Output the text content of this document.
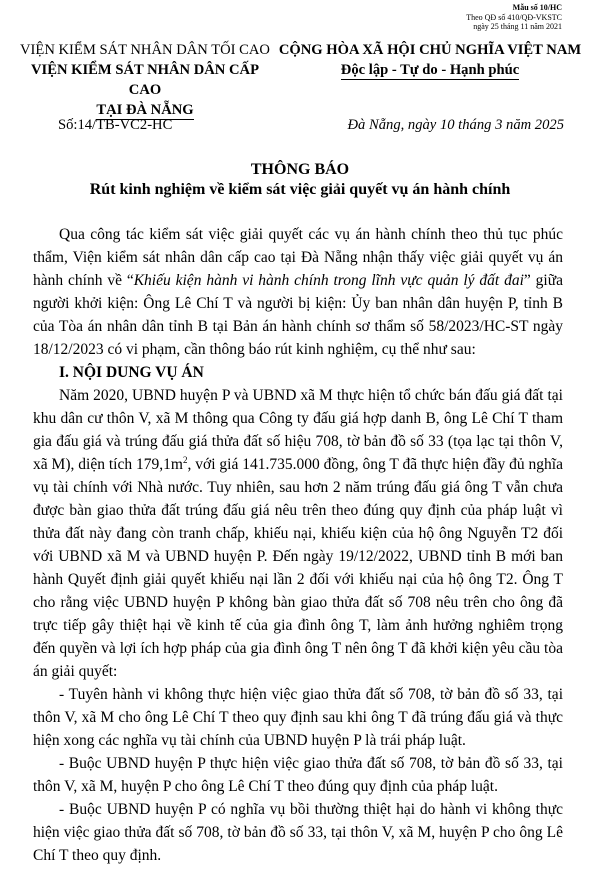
Mẫu số 10/HC
Theo QĐ số 410/QĐ-VKSTC
ngày 25 tháng 11 năm 2021
VIỆN KIỂM SÁT NHÂN DÂN TỐI CAO
VIỆN KIỂM SÁT NHÂN DÂN CẤP CAO
TẠI ĐÀ NẴNG
CỘNG HÒA XÃ HỘI CHỦ NGHĨA VIỆT NAM
Độc lập - Tự do - Hạnh phúc
Số:14/TB-VC2-HC	Đà Nẵng, ngày 10 tháng 3 năm 2025
THÔNG BÁO
Rút kinh nghiệm về kiểm sát việc giải quyết vụ án hành chính

Qua công tác kiểm sát việc giải quyết các vụ án hành chính theo thủ tục phúc thẩm, Viện kiểm sát nhân dân cấp cao tại Đà Nẵng nhận thấy việc giải quyết vụ án hành chính về “Khiếu kiện hành vi hành chính trong lĩnh vực quản lý đất đai” giữa người khởi kiện: Ông Lê Chí T và người bị kiện: Ủy ban nhân dân huyện P, tỉnh B của Tòa án nhân dân tỉnh B tại Bản án hành chính sơ thẩm số 58/2023/HC-ST ngày 18/12/2023 có vi phạm, cần thông báo rút kinh nghiệm, cụ thể như sau:

I. NỘI DUNG VỤ ÁN

Năm 2020, UBND huyện P và UBND xã M thực hiện tổ chức bán đấu giá đất tại khu dân cư thôn V, xã M thông qua Công ty đấu giá hợp danh B, ông Lê Chí T tham gia đấu giá và trúng đấu giá thửa đất số hiệu 708, tờ bản đồ số 33 (tọa lạc tại thôn V, xã M), diện tích $179,1m^2$, với giá 141.735.000 đồng, ông T đã thực hiện đầy đủ nghĩa vụ tài chính với Nhà nước. Tuy nhiên, sau hơn 2 năm trúng đấu giá ông T vẫn chưa được bàn giao thửa đất trúng đấu giá nêu trên theo đúng quy định của pháp luật vì thửa đất này đang còn tranh chấp, khiếu nại, khiếu kiện của hộ ông Nguyễn T2 đối với UBND xã M và UBND huyện P. Đến ngày 19/12/2022, UBND tỉnh B mới ban hành Quyết định giải quyết khiếu nại lần 2 đối với khiếu nại của hộ ông T2. Ông T cho rằng việc UBND huyện P không bàn giao thửa đất số 708 nêu trên cho ông đã trực tiếp gây thiệt hại về kinh tế của gia đình ông T, làm ảnh hưởng nghiêm trọng đến quyền và lợi ích hợp pháp của gia đình ông T nên ông T đã khởi kiện yêu cầu tòa án giải quyết:

- Tuyên hành vi không thực hiện việc giao thửa đất số 708, tờ bản đồ số 33, tại thôn V, xã M cho ông Lê Chí T theo quy định sau khi ông T đã trúng đấu giá và thực hiện xong các nghĩa vụ tài chính của UBND huyện P là trái pháp luật.

- Buộc UBND huyện P thực hiện việc giao thửa đất số 708, tờ bản đồ số 33, tại thôn V, xã M, huyện P cho ông Lê Chí T theo đúng quy định của pháp luật.

- Buộc UBND huyện P có nghĩa vụ bồi thường thiệt hại do hành vi không thực hiện việc giao thửa đất số 708, tờ bản đồ số 33, tại thôn V, xã M, huyện P cho ông Lê Chí T theo quy định.
